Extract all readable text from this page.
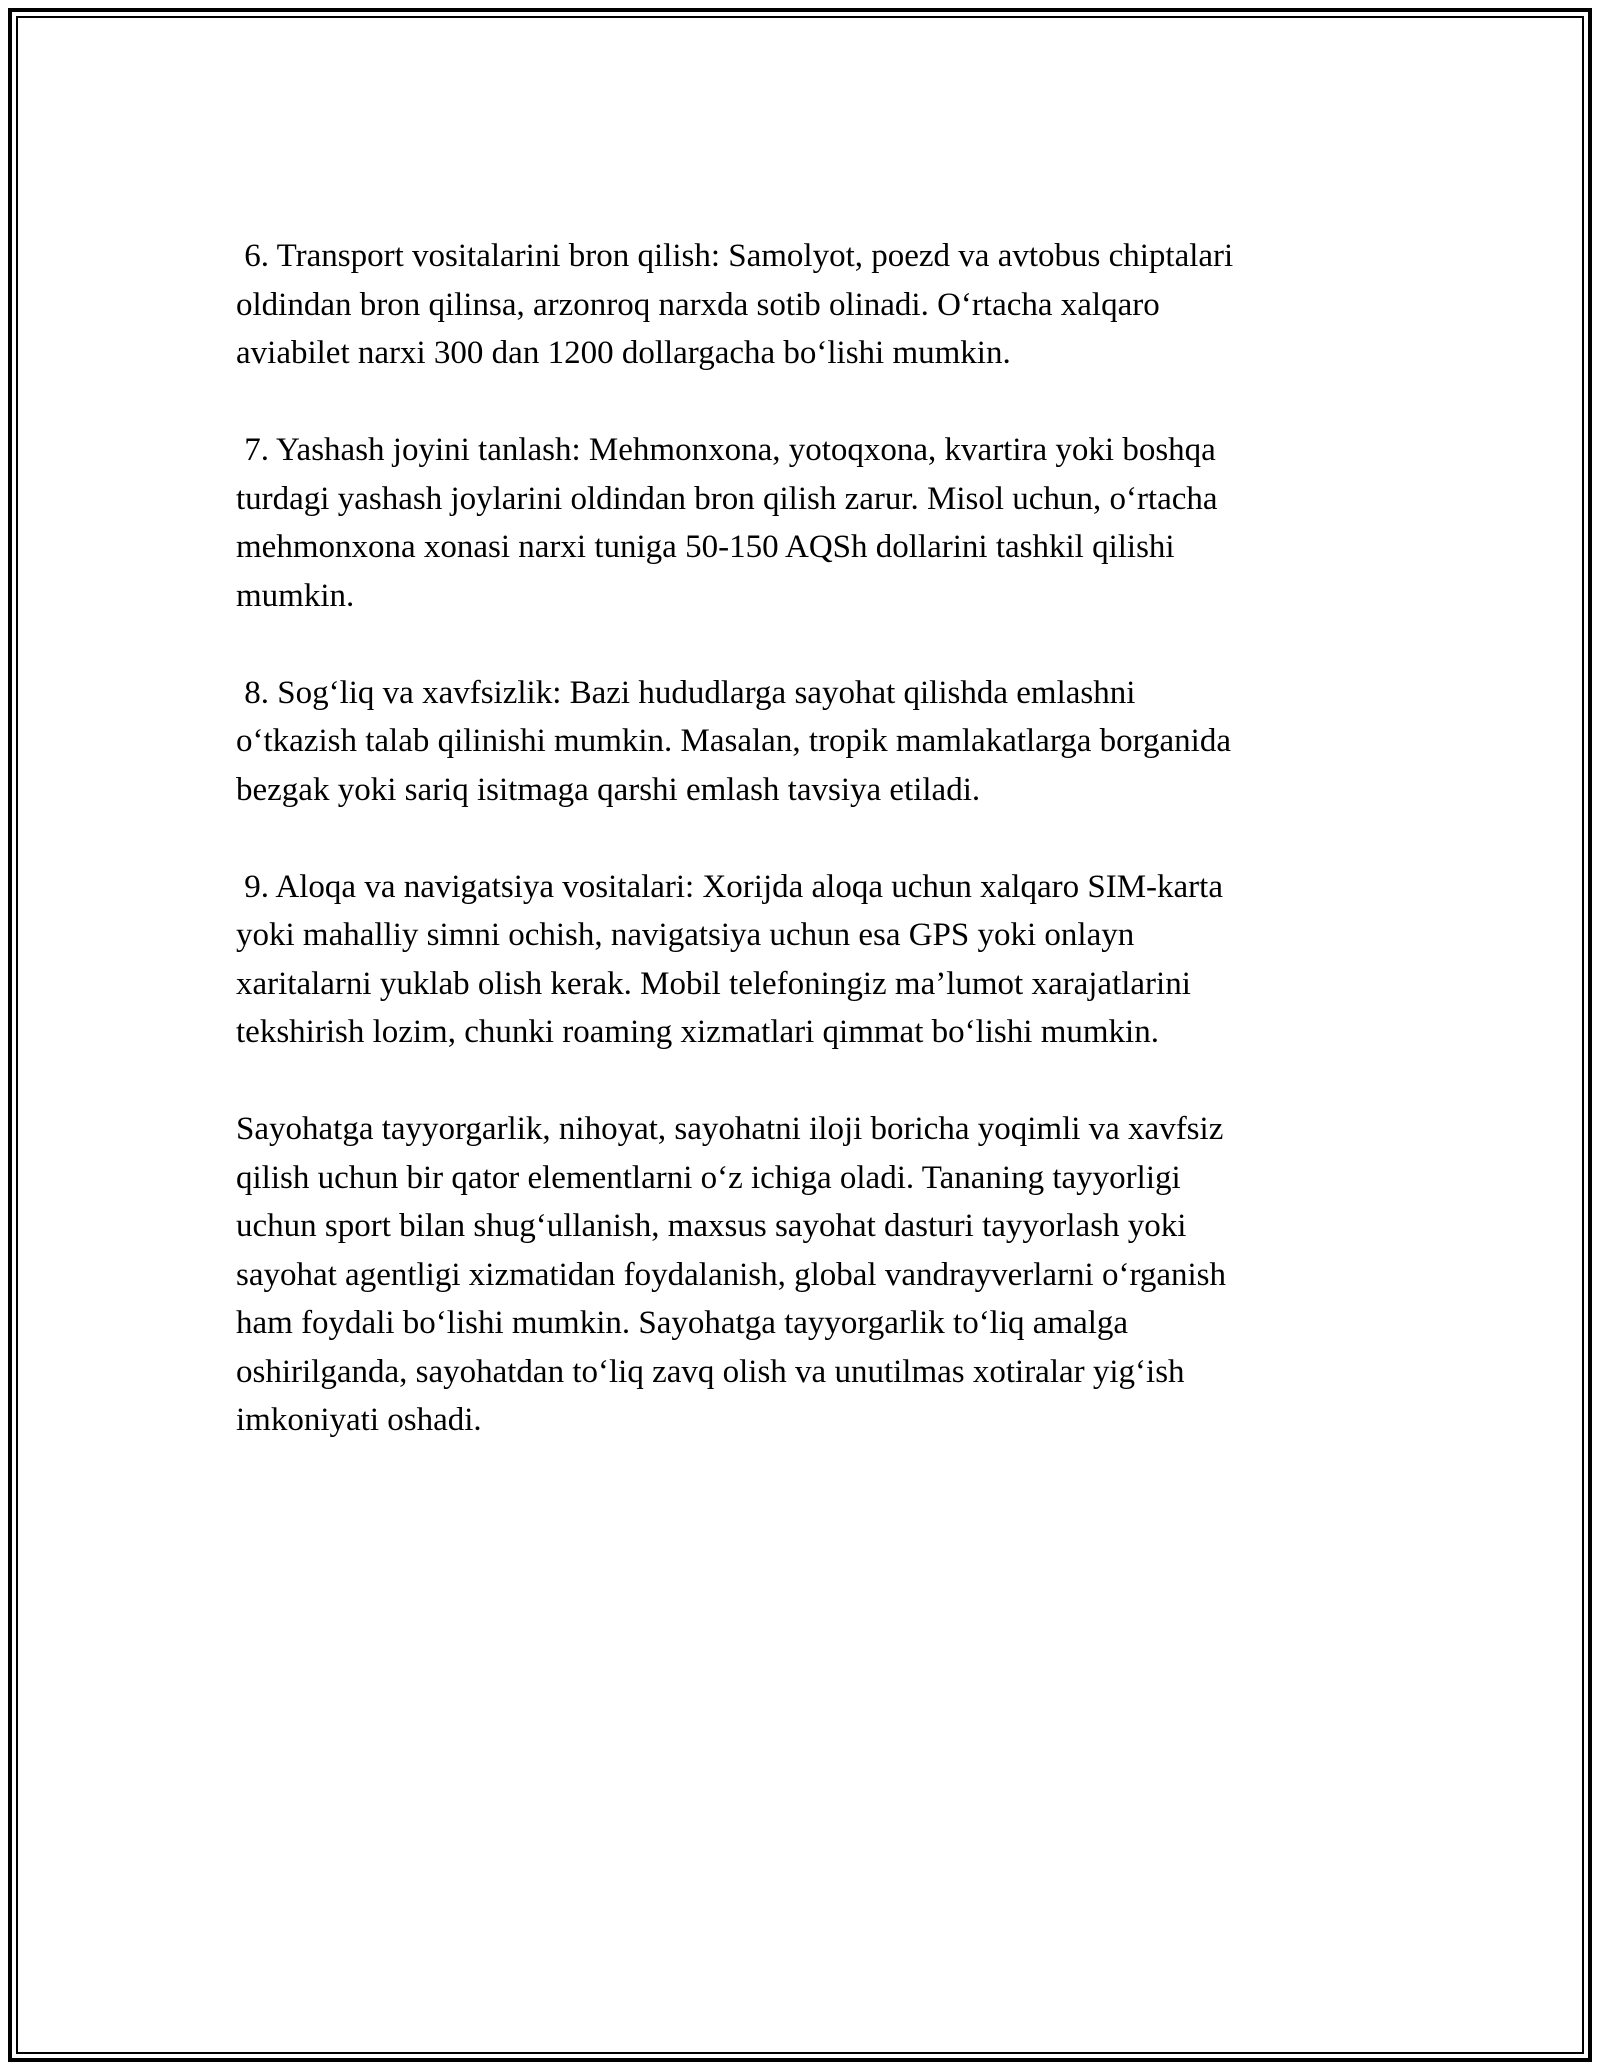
6. Transport vositalarini bron qilish: Samolyot, poezd va avtobus chiptalari
oldindan bron qilinsa, arzonroq narxda sotib olinadi. O‘rtacha xalqaro
aviabilet narxi 300 dan 1200 dollargacha bo‘lishi mumkin.

7. Yashash joyini tanlash: Mehmonxona, yotoqxona, kvartira yoki boshqa
turdagi yashash joylarini oldindan bron qilish zarur. Misol uchun, o‘rtacha
mehmonxona xonasi narxi tuniga 50-150 AQSh dollarini tashkil qilishi
mumkin.

8. Sog‘liq va xavfsizlik: Bazi hududlarga sayohat qilishda emlashni
o‘tkazish talab qilinishi mumkin. Masalan, tropik mamlakatlarga borganida
bezgak yoki sariq isitmaga qarshi emlash tavsiya etiladi.

9. Aloqa va navigatsiya vositalari: Xorijda aloqa uchun xalqaro SIM-karta
yoki mahalliy simni ochish, navigatsiya uchun esa GPS yoki onlayn
xaritalarni yuklab olish kerak. Mobil telefoningiz ma’lumot xarajatlarini
tekshirish lozim, chunki roaming xizmatlari qimmat bo‘lishi mumkin.

Sayohatga tayyorgarlik, nihoyat, sayohatni iloji boricha yoqimli va xavfsiz
qilish uchun bir qator elementlarni o‘z ichiga oladi. Tananing tayyorligi
uchun sport bilan shug‘ullanish, maxsus sayohat dasturi tayyorlash yoki
sayohat agentligi xizmatidan foydalanish, global vandrayverlarni o‘rganish
ham foydali bo‘lishi mumkin. Sayohatga tayyorgarlik to‘liq amalga
oshirilganda, sayohatdan to‘liq zavq olish va unutilmas xotiralar yig‘ish
imkoniyati oshadi.
